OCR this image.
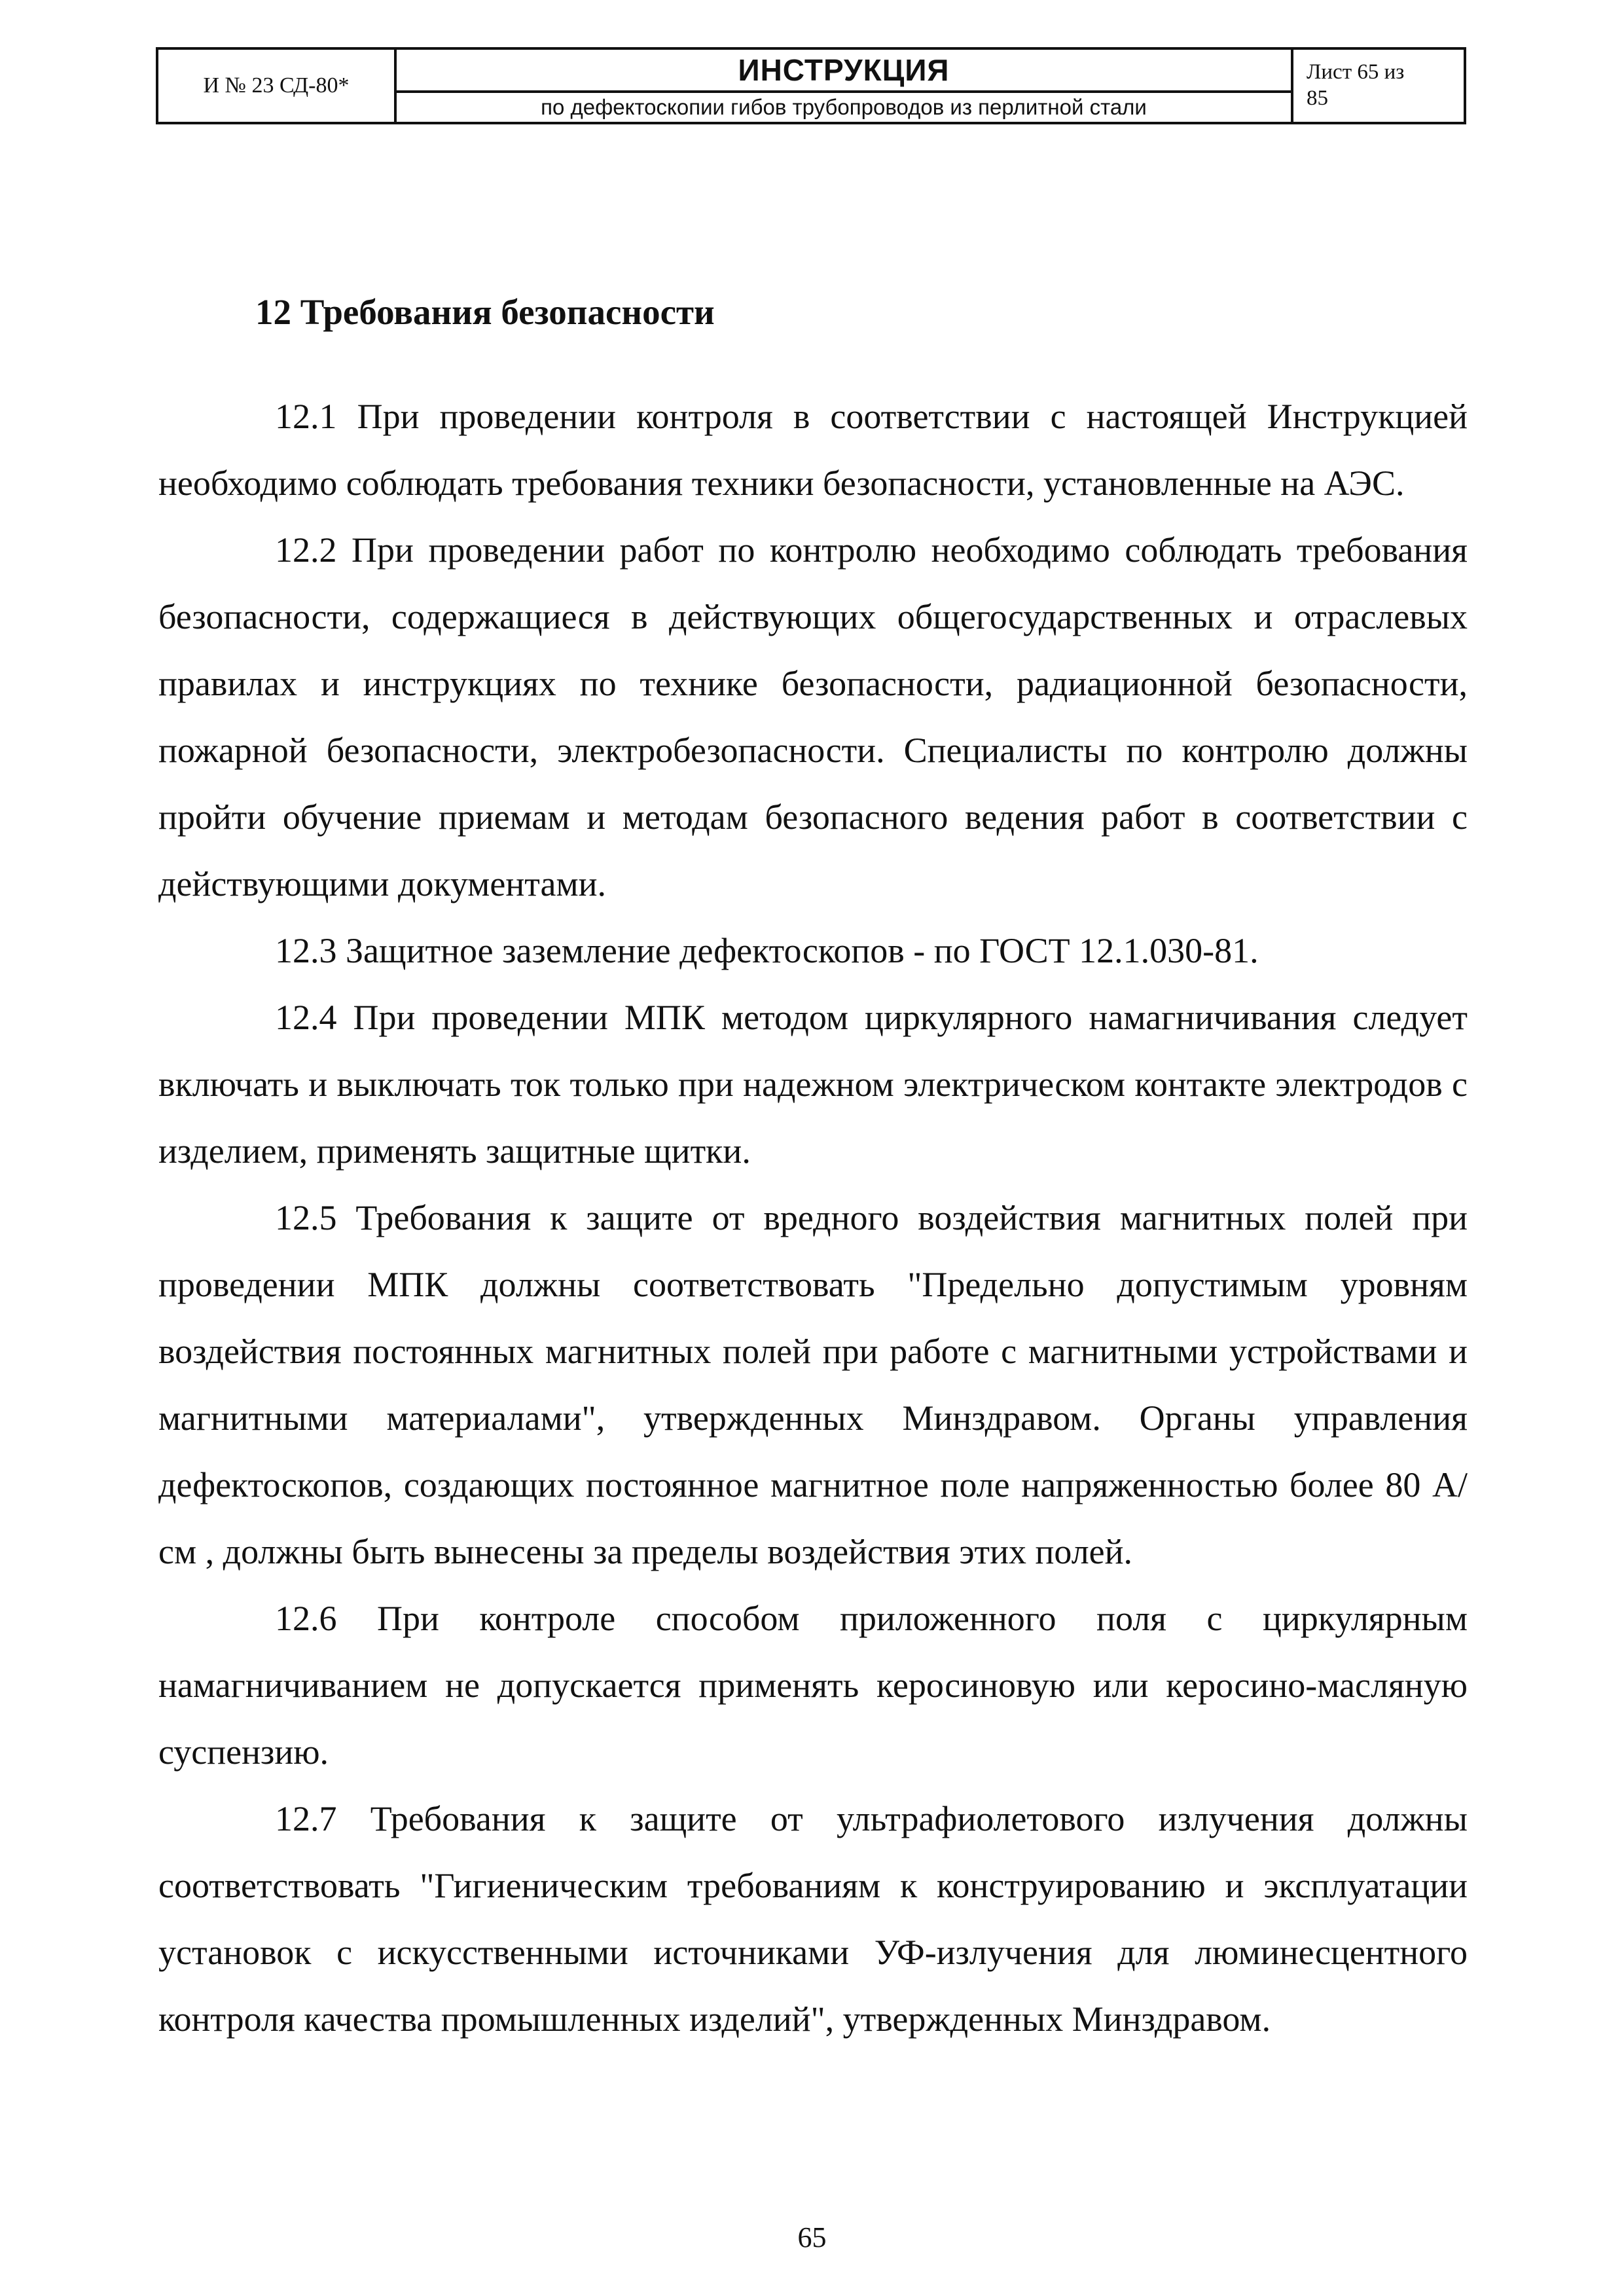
И № 23 СД-80*	ИНСТРУКЦИЯ
по дефектоскопии гибов трубопроводов из перлитной стали
Лист 65 из
85
12 Требования безопасности

12.1 При проведении контроля в соответствии с настоящей Инструкцией необходимо соблюдать требования техники безопасности, установленные на АЭС.

12.2 При проведении работ по контролю необходимо соблюдать требования безопасности, содержащиеся в действующих общегосударственных и отраслевых правилах и инструкциях по технике безопасности, радиационной безопасности, пожарной безопасности, электробезопасности. Специалисты по контролю должны пройти обучение приемам и методам безопасного ведения работ в соответствии с действующими документами.

12.3 Защитное заземление дефектоскопов - по ГОСТ 12.1.030-81.

12.4 При проведении МПК методом циркулярного намагничивания следует включать и выключать ток только при надежном электрическом контакте электродов с изделием, применять защитные щитки.

12.5 Требования к защите от вредного воздействия магнитных полей при проведении МПК должны соответствовать "Предельно допустимым уровням воздействия постоянных магнитных полей при работе с магнитными устройствами и магнитными материалами", утвержденных Минздравом. Органы управления дефектоскопов, создающих постоянное магнитное поле напряженностью более 80 А/см , должны быть вынесены за пределы воздействия этих полей.

12.6 При контроле способом приложенного поля с циркулярным намагничиванием не допускается применять керосиновую или керосино-масляную суспензию.

12.7 Требования к защите от ультрафиолетового излучения должны соответствовать "Гигиеническим требованиям к конструированию и эксплуатации установок с искусственными источниками УФ-излучения для люминесцентного контроля качества промышленных изделий", утвержденных Минздравом.

65
